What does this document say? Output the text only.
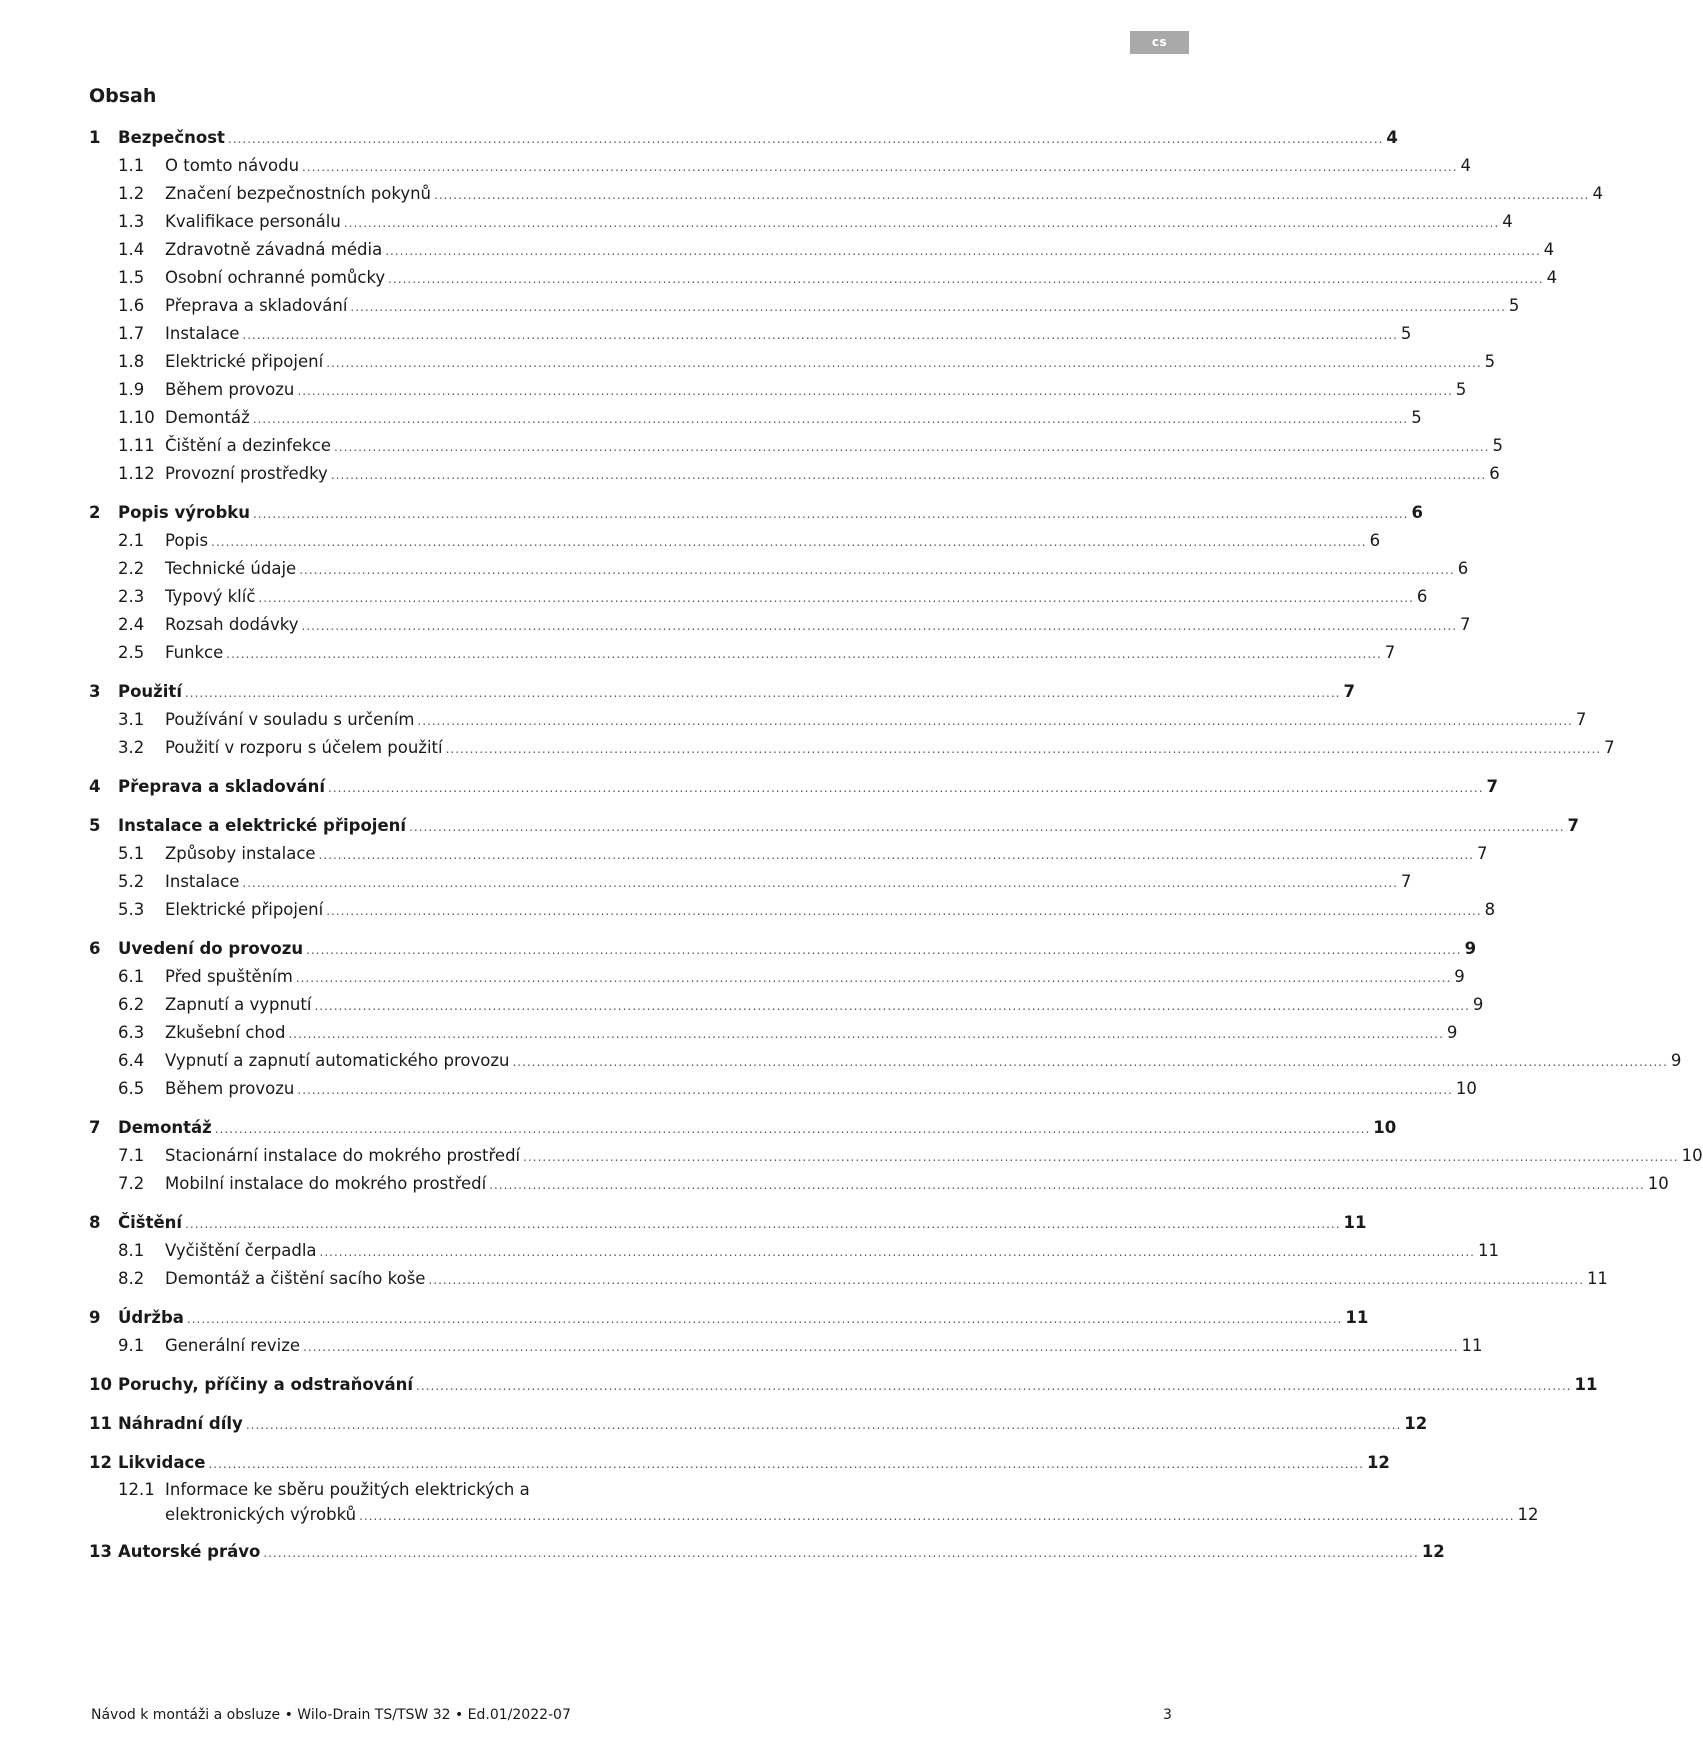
cs
Obsah
1 Bezpečnost .....	4
1.1 O tomto návodu .....	4
1.2 Značení bezpečnostních pokynů .....	4
1.3 Kvalifikace personálu .....	4
1.4 Zdravotně závadná média .....	4
1.5 Osobní ochranné pomůcky .....	4
1.6 Přeprava a skladování .....	5
1.7 Instalace .....	5
1.8 Elektrické připojení .....	5
1.9 Během provozu .....	5
1.10 Demontáž .....	5
1.11 Čištění a dezinfekce .....	5
1.12 Provozní prostředky .....	6
2 Popis výrobku .....	6
2.1 Popis .....	6
2.2 Technické údaje .....	6
2.3 Typový klíč .....	6
2.4 Rozsah dodávky .....	7
2.5 Funkce .....	7
3 Použití .....	7
3.1 Používání v souladu s určením .....	7
3.2 Použití v rozporu s účelem použití .....	7
4 Přeprava a skladování .....	7
5 Instalace a elektrické připojení .....	7
5.1 Způsoby instalace .....	7
5.2 Instalace .....	7
5.3 Elektrické připojení .....	8
6 Uvedení do provozu .....	9
6.1 Před spuštěním .....	9
6.2 Zapnutí a vypnutí .....	9
6.3 Zkušební chod .....	9
6.4 Vypnutí a zapnutí automatického provozu .....	9
6.5 Během provozu .....	10
7 Demontáž .....	10
7.1 Stacionární instalace do mokrého prostředí .....	10
7.2 Mobilní instalace do mokrého prostředí .....	10
8 Čištění .....	11
8.1 Vyčištění čerpadla .....	11
8.2 Demontáž a čištění sacího koše .....	11
9 Údržba .....	11
9.1 Generální revize .....	11
10 Poruchy, příčiny a odstraňování .....	11
11 Náhradní díly .....	12
12 Likvidace .....	12
12.1 Informace ke sběru použitých elektrických a
elektronických výrobků .....	12
13 Autorské právo .....	12
Návod k montáži a obsluze • Wilo-Drain TS/TSW 32 • Ed.01/2022-07	3
